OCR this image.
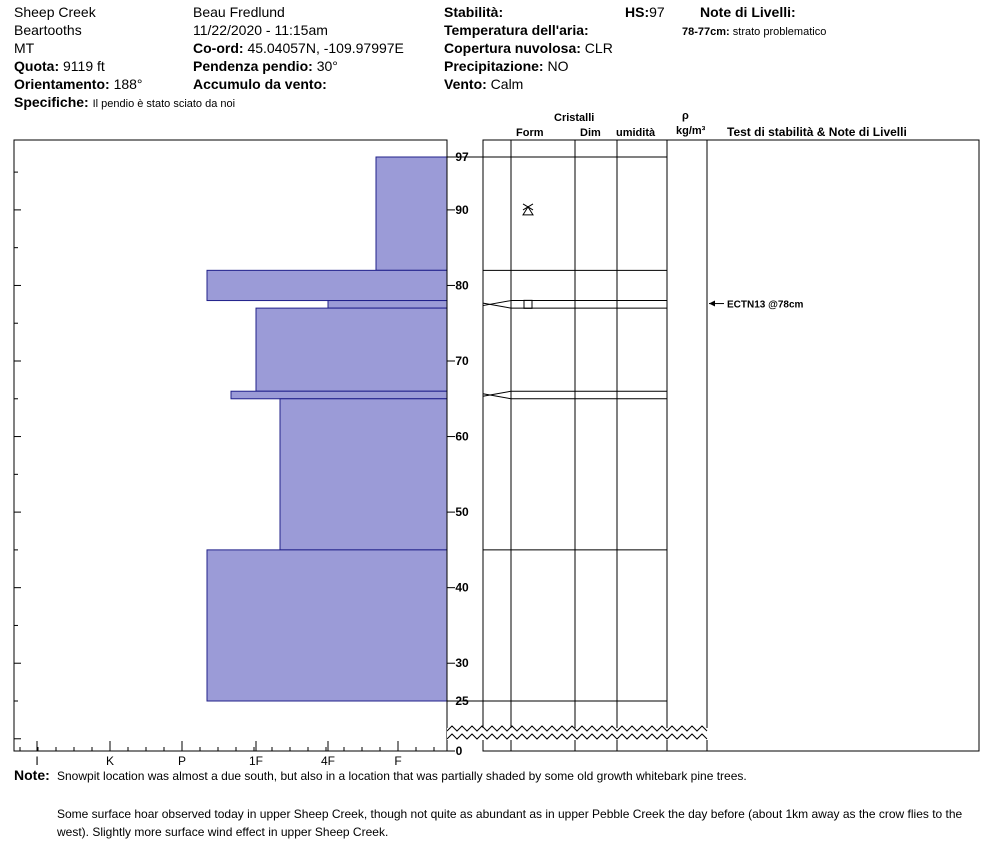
Sheep Creek
Beartooths
MT
Quota: 9119 ft
Orientamento: 188°
Specifiche: Il pendio è stato sciato da noi
Beau Fredlund
11/22/2020 - 11:15am
Co-ord: 45.04057N, -109.97997E
Pendenza pendio: 30°
Accumulo da vento:
Stabilità:	HS:97
Temperatura dell'aria:
Copertura nuvolosa: CLR
Precipitazione: NO
Vento: Calm
Note di Livelli:
78-77cm: strato problematico
Cristalli
Form	Dim umidità
ρ
kg/m³ Test di stabilità & Note di Livelli
I	K	P	1F	4F	F
0
25
30
40
50
60
70
80
90
97
ECTN13 @78cm
Note: Snowpit location was almost a due south, but also in a location that was partially shaded by some old growth whitebark pine trees.
Some surface hoar observed today in upper Sheep Creek, though not quite as abundant as in upper Pebble Creek the day before (about 1km away as the crow flies to the
west). Slightly more surface wind effect in upper Sheep Creek.
